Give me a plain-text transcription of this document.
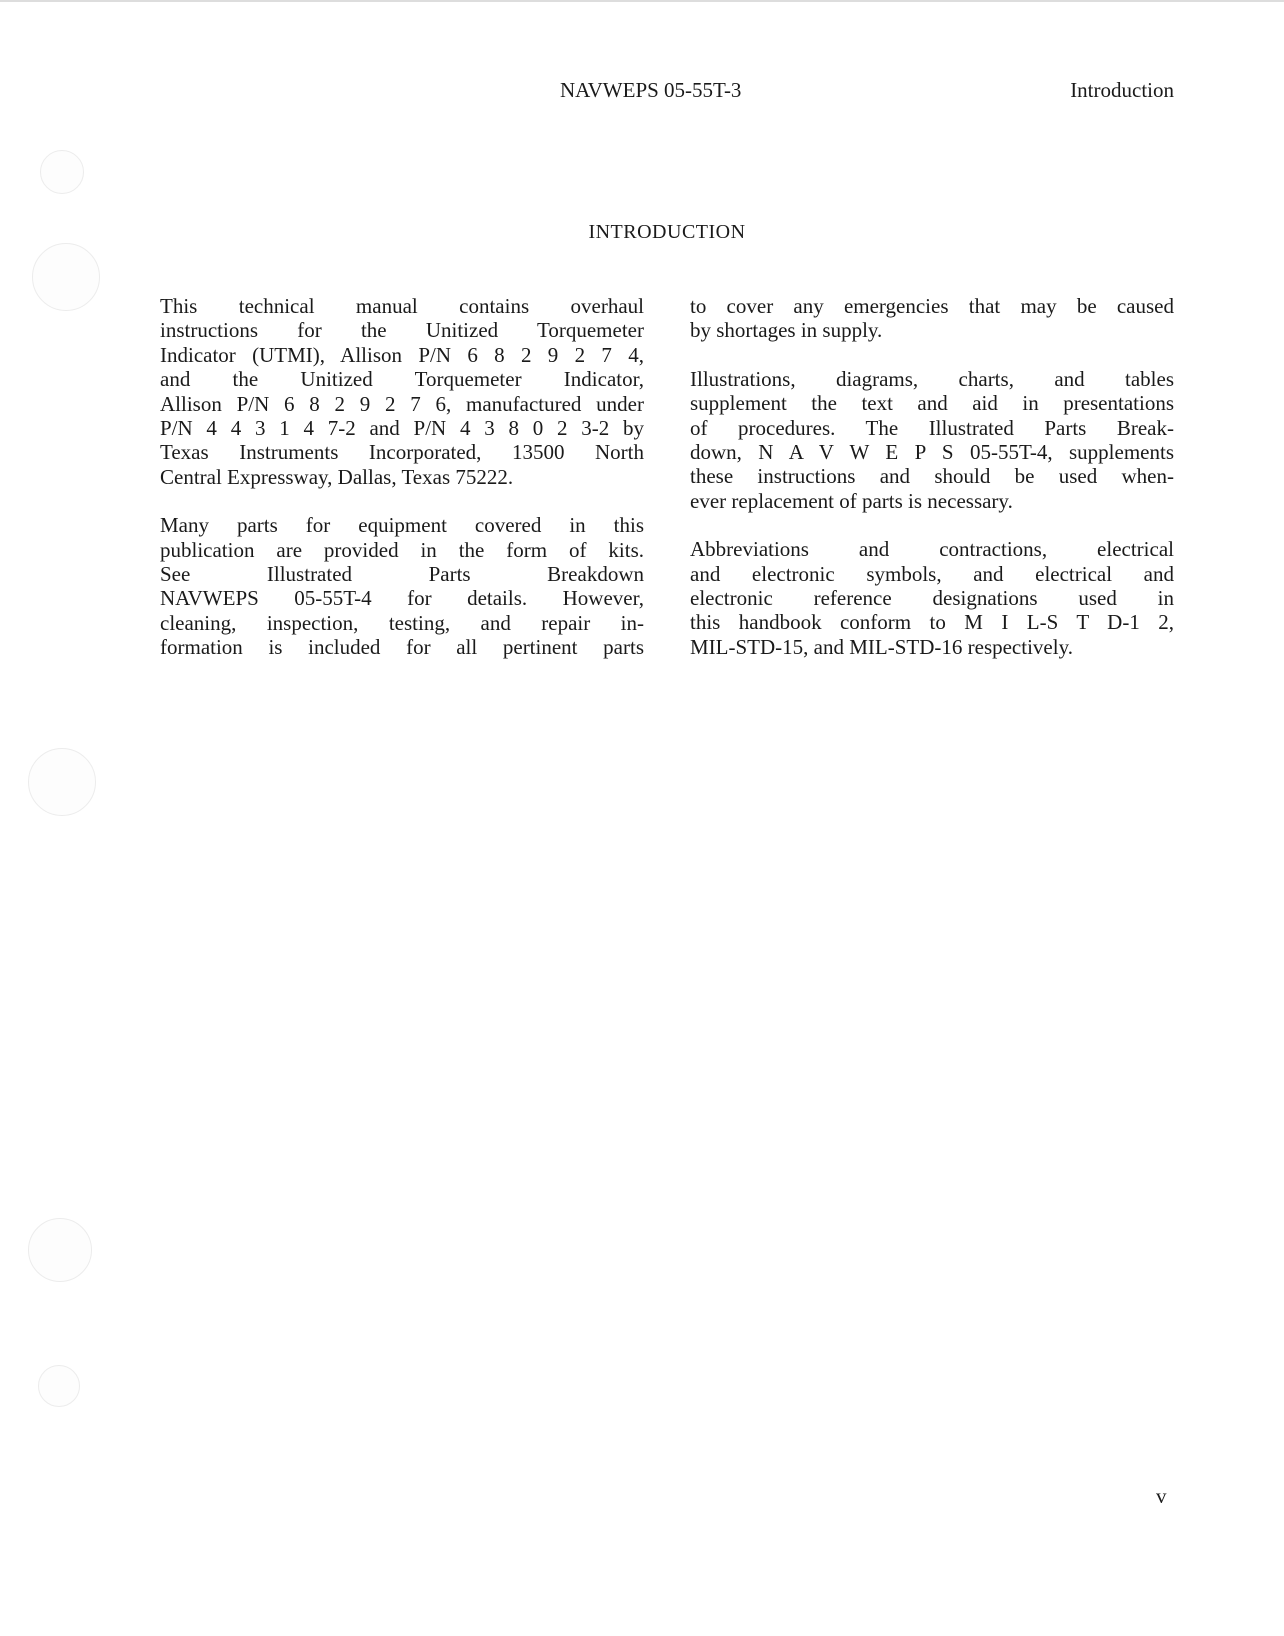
NAVWEPS 05-55T-3	Introduction
INTRODUCTION

This technical manual contains overhaul
instructions for the Unitized Torquemeter
Indicator (UTMI), Allison P/N 6 8 2 9 2 7 4,
and the Unitized Torquemeter Indicator,
Allison P/N 6 8 2 9 2 7 6, manufactured under
P/N 4 4 3 1 4 7-2 and P/N 4 3 8 0 2 3-2 by
Texas Instruments Incorporated, 13500 North
Central Expressway, Dallas, Texas 75222.

Many parts for equipment covered in this
publication are provided in the form of kits.
See Illustrated Parts Breakdown
NAVWEPS 05-55T-4 for details. However,
cleaning, inspection, testing, and repair in-
formation is included for all pertinent parts

to cover any emergencies that may be caused
by shortages in supply.

Illustrations, diagrams, charts, and tables
supplement the text and aid in presentations
of procedures. The Illustrated Parts Break-
down, N A V W E P S 05-55T-4, supplements
these instructions and should be used when-
ever replacement of parts is necessary.

Abbreviations and contractions, electrical
and electronic symbols, and electrical and
electronic reference designations used in
this handbook conform to M I L-S T D-1 2,
MIL-STD-15, and MIL-STD-16 respectively.

v
